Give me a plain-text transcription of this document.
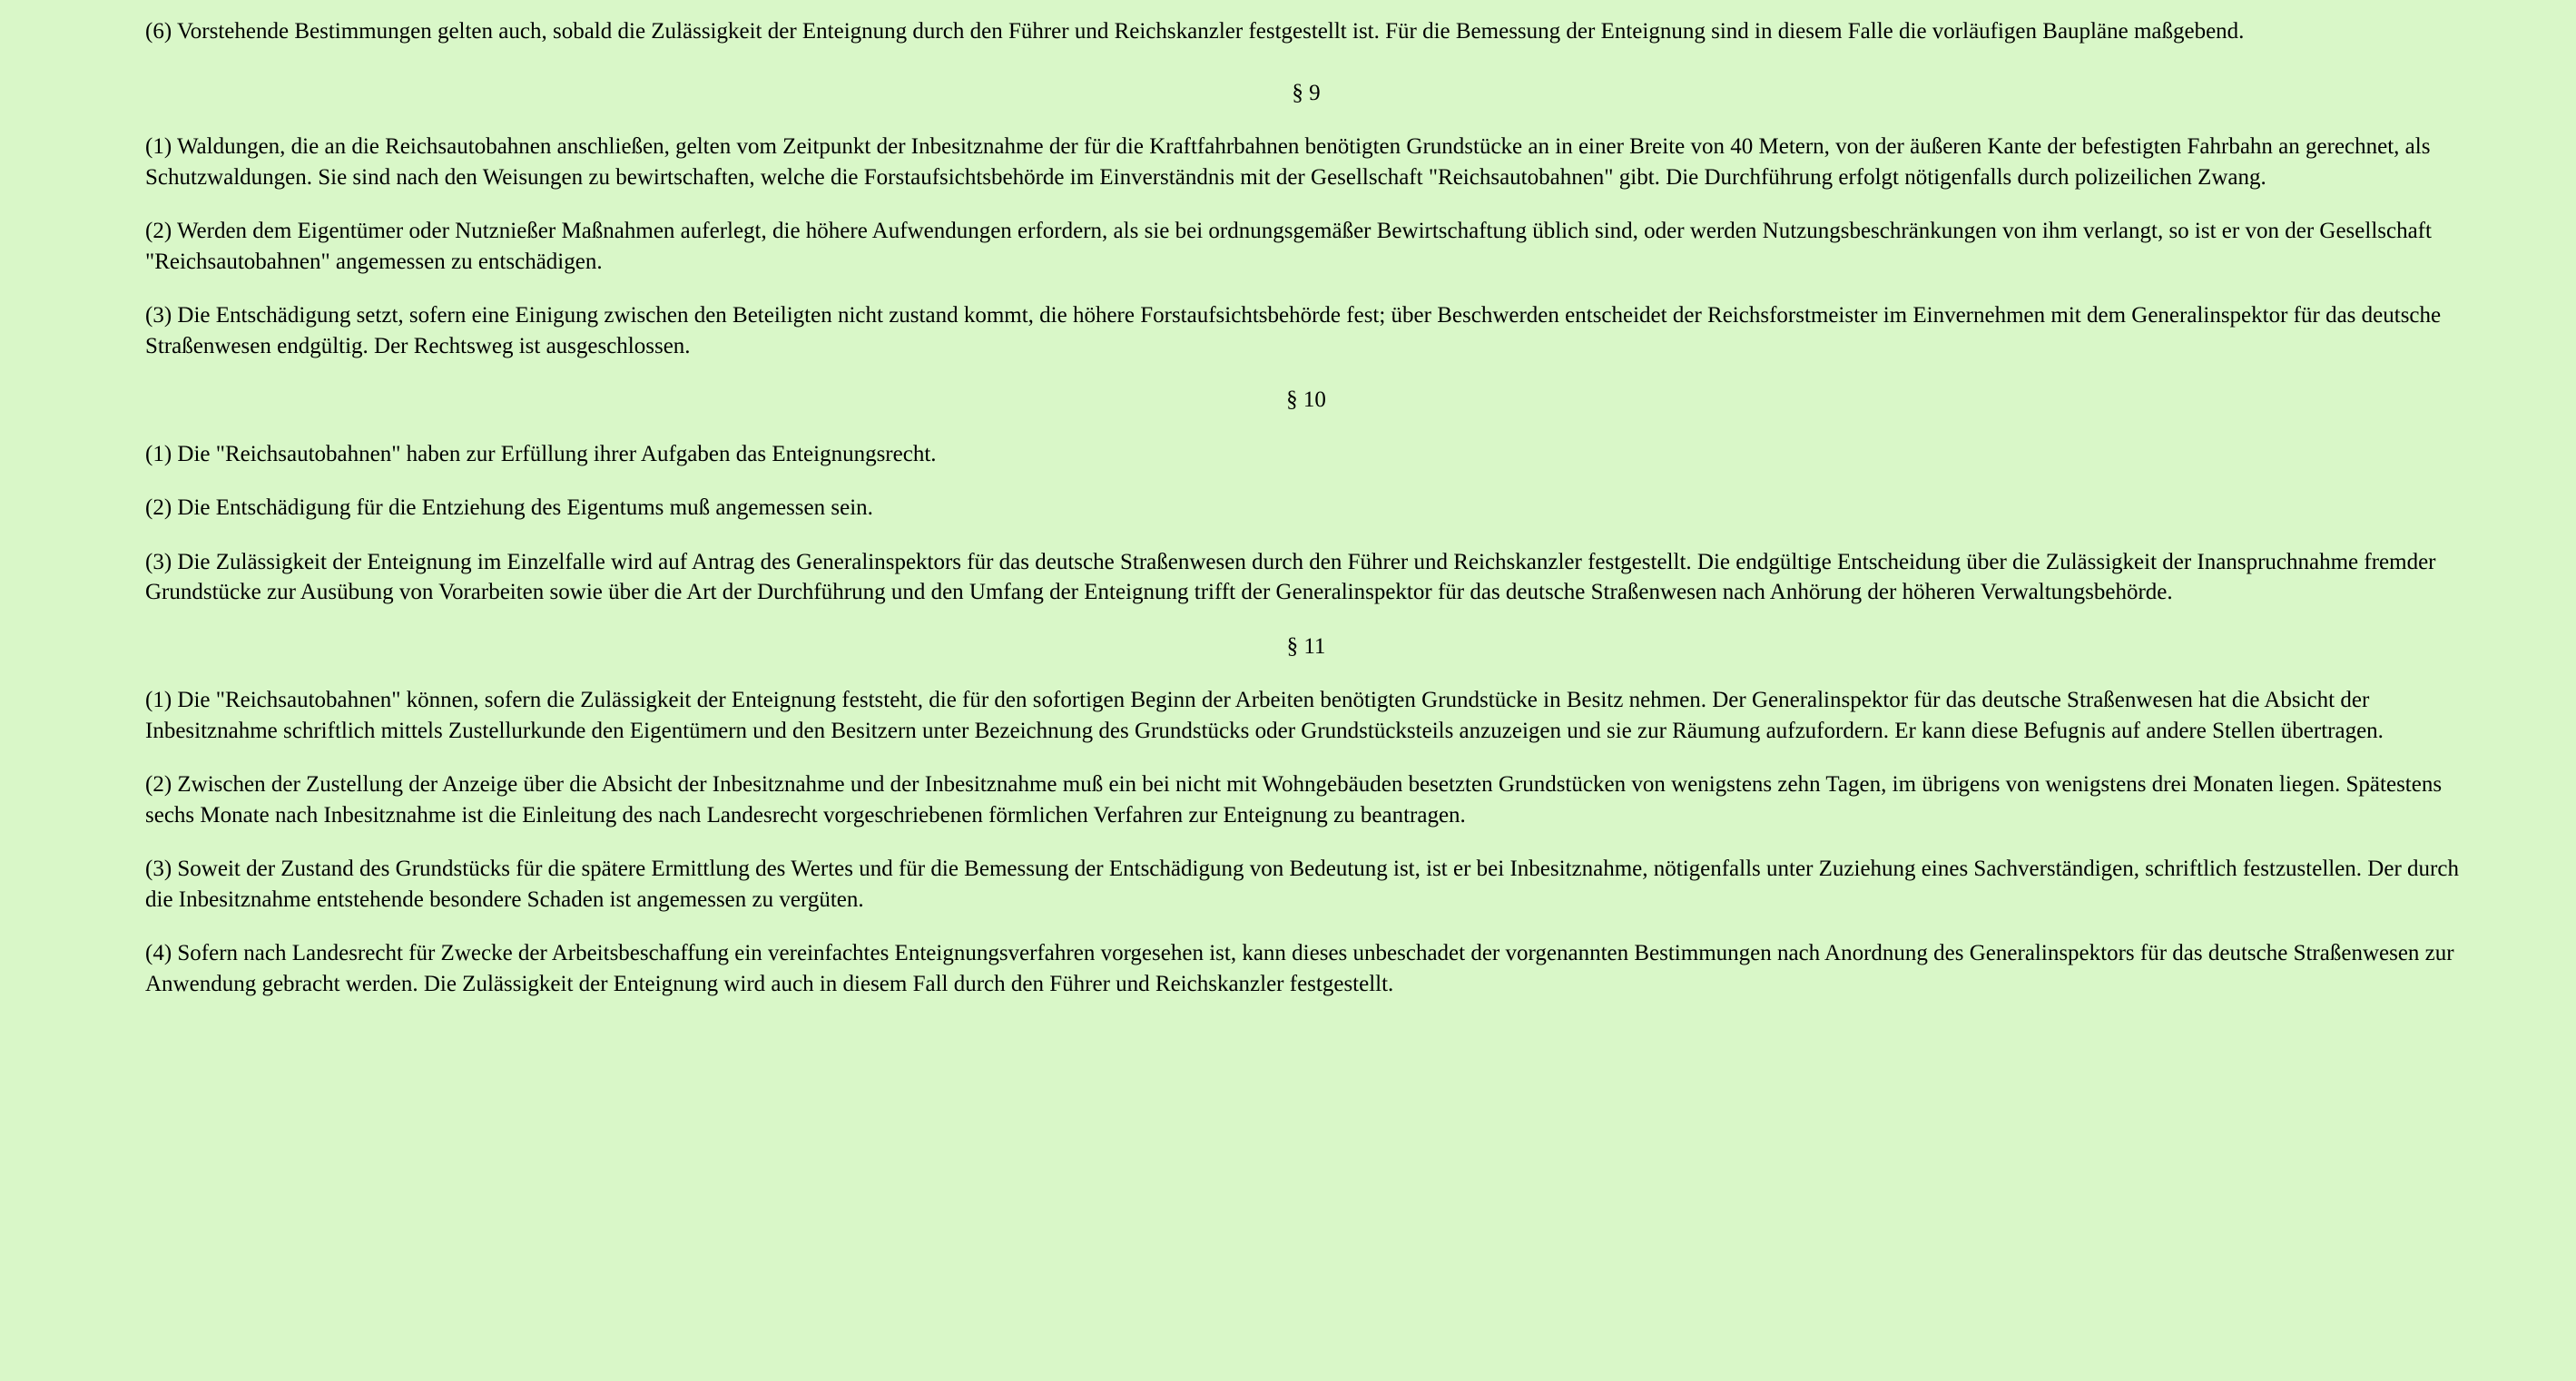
(6) Vorstehende Bestimmungen gelten auch, sobald die Zulässigkeit der Enteignung durch den Führer und Reichskanzler festgestellt ist. Für die Bemessung der Enteignung sind in diesem Falle die vorläufigen Baupläne maßgebend.

§ 9

(1) Waldungen, die an die Reichsautobahnen anschließen, gelten vom Zeitpunkt der Inbesitznahme der für die Kraftfahrbahnen benötigten Grundstücke an in einer Breite von 40 Metern, von der äußeren Kante der befestigten Fahrbahn an gerechnet, als Schutzwaldungen. Sie sind nach den Weisungen zu bewirtschaften, welche die Forstaufsichtsbehörde im Einverständnis mit der Gesellschaft "Reichsautobahnen" gibt. Die Durchführung erfolgt nötigenfalls durch polizeilichen Zwang.

(2) Werden dem Eigentümer oder Nutznießer Maßnahmen auferlegt, die höhere Aufwendungen erfordern, als sie bei ordnungsgemäßer Bewirtschaftung üblich sind, oder werden Nutzungsbeschränkungen von ihm verlangt, so ist er von der Gesellschaft "Reichsautobahnen" angemessen zu entschädigen.

(3) Die Entschädigung setzt, sofern eine Einigung zwischen den Beteiligten nicht zustand kommt, die höhere Forstaufsichtsbehörde fest; über Beschwerden entscheidet der Reichsforstmeister im Einvernehmen mit dem Generalinspektor für das deutsche Straßenwesen endgültig. Der Rechtsweg ist ausgeschlossen.

§ 10

(1) Die "Reichsautobahnen" haben zur Erfüllung ihrer Aufgaben das Enteignungsrecht.

(2) Die Entschädigung für die Entziehung des Eigentums muß angemessen sein.

(3) Die Zulässigkeit der Enteignung im Einzelfalle wird auf Antrag des Generalinspektors für das deutsche Straßenwesen durch den Führer und Reichskanzler festgestellt. Die endgültige Entscheidung über die Zulässigkeit der Inanspruchnahme fremder Grundstücke zur Ausübung von Vorarbeiten sowie über die Art der Durchführung und den Umfang der Enteignung trifft der Generalinspektor für das deutsche Straßenwesen nach Anhörung der höheren Verwaltungsbehörde.

§ 11

(1) Die "Reichsautobahnen" können, sofern die Zulässigkeit der Enteignung feststeht, die für den sofortigen Beginn der Arbeiten benötigten Grundstücke in Besitz nehmen. Der Generalinspektor für das deutsche Straßenwesen hat die Absicht der Inbesitznahme schriftlich mittels Zustellurkunde den Eigentümern und den Besitzern unter Bezeichnung des Grundstücks oder Grundstücksteils anzuzeigen und sie zur Räumung aufzufordern. Er kann diese Befugnis auf andere Stellen übertragen.

(2) Zwischen der Zustellung der Anzeige über die Absicht der Inbesitznahme und der Inbesitznahme muß ein bei nicht mit Wohngebäuden besetzten Grundstücken von wenigstens zehn Tagen, im übrigens von wenigstens drei Monaten liegen. Spätestens sechs Monate nach Inbesitznahme ist die Einleitung des nach Landesrecht vorgeschriebenen förmlichen Verfahren zur Enteignung zu beantragen.

(3) Soweit der Zustand des Grundstücks für die spätere Ermittlung des Wertes und für die Bemessung der Entschädigung von Bedeutung ist, ist er bei Inbesitznahme, nötigenfalls unter Zuziehung eines Sachverständigen, schriftlich festzustellen. Der durch die Inbesitznahme entstehende besondere Schaden ist angemessen zu vergüten.

(4) Sofern nach Landesrecht für Zwecke der Arbeitsbeschaffung ein vereinfachtes Enteignungsverfahren vorgesehen ist, kann dieses unbeschadet der vorgenannten Bestimmungen nach Anordnung des Generalinspektors für das deutsche Straßenwesen zur Anwendung gebracht werden. Die Zulässigkeit der Enteignung wird auch in diesem Fall durch den Führer und Reichskanzler festgestellt.
